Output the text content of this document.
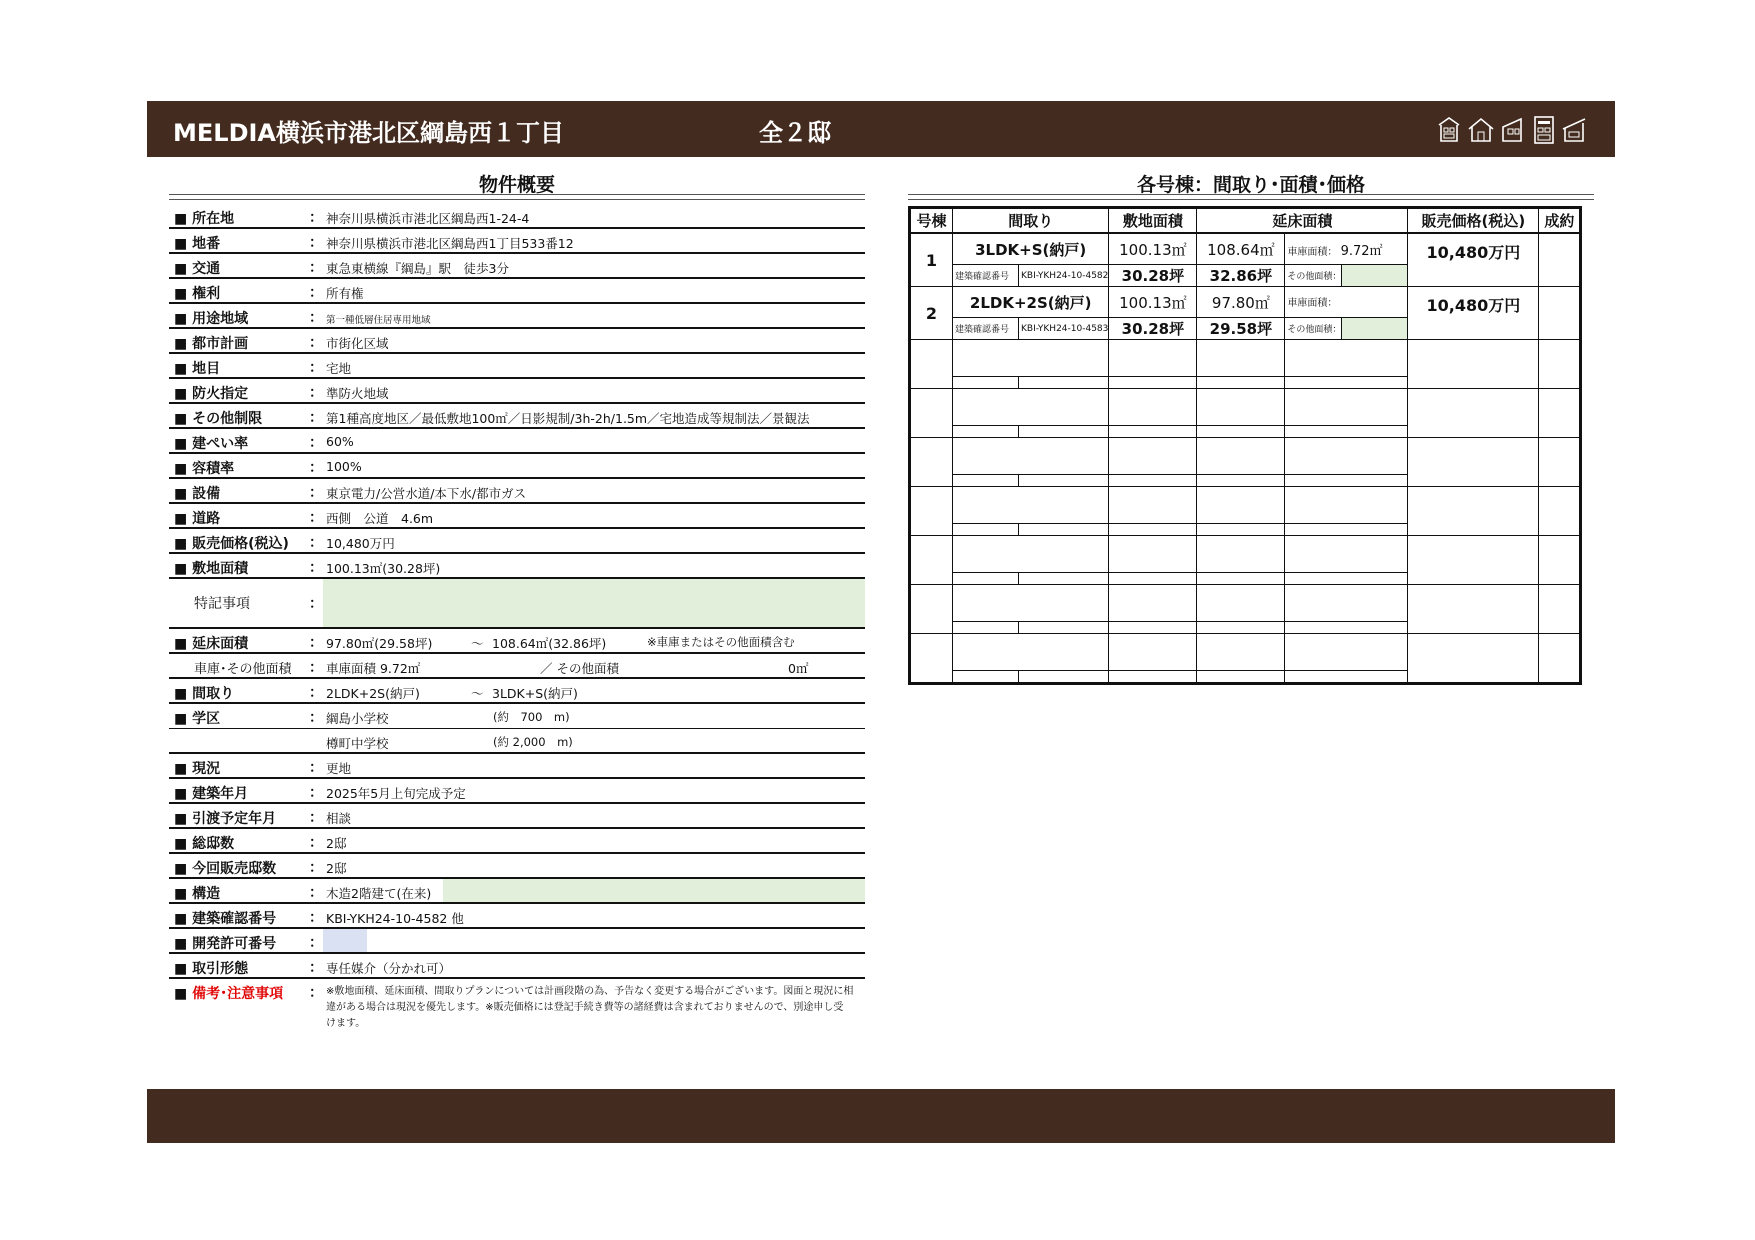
MELDIA横浜市港北区綱島西１丁目	全２邸
物件概要	各号棟：間取り･面積･価格
■ 所在地	： 神奈川県横浜市港北区綱島西1-24-4
■ 地番	： 神奈川県横浜市港北区綱島西1丁目533番12
■ 交通	： 東急東横線『綱島』駅　徒歩3分
■ 権利	： 所有権
■ 用途地域	： 第一種低層住居専用地域
■ 都市計画	： 市街化区域
■ 地目	： 宅地
■ 防火指定	： 準防火地域
■ その他制限	： 第1種高度地区／最低敷地100㎡／日影規制/3h-2h/1.5m／宅地造成等規制法／景観法
■ 建ぺい率	： 60%
■ 容積率	： 100%
■ 設備	： 東京電力/公営水道/本下水/都市ガス
■ 道路	： 西側　公道　4.6m
■ 販売価格(税込) ： 10,480万円
■ 敷地面積	： 100.13㎡(30.28坪)
特記事項	：
■ 延床面積	： 97.80㎡(29.58坪)	～ 108.64㎡(32.86坪)	※車庫またはその他面積含む
車庫･その他面積 ： 車庫面積 9.72㎡	／ その他面積	0㎡
■ 間取り	： 2LDK+2S(納戸)	～ 3LDK+S(納戸)
■ 学区	： 綱島小学校	(約　700　m)
樽町中学校	(約 2,000　m)
■ 現況	： 更地
■ 建築年月	： 2025年5月上旬完成予定
■ 引渡予定年月 ： 相談
■ 総邸数	： 2邸
■ 今回販売邸数 ： 2邸
■ 構造	： 木造2階建て(在来)
■ 建築確認番号 ： KBI-YKH24-10-4582 他
■ 開発許可番号 ：
■ 取引形態	： 専任媒介（分かれ可）
■ 備考･注意事項 ： ※敷地面積、延床面積、間取りプランについては計画段階の為、予告なく変更する場合がございます。図面と現況に相
違がある場合は現況を優先します。※販売価格には登記手続き費等の諸経費は含まれておりませんので、別途申し受
けます。
号棟	間取り		敷地面積	延床面積			販売価格(税込)	成約
1	3LDK+S(納戸)		100.13㎡	108.64㎡	車庫面積： 9.72㎡		10,480万円	
	建築確認番号	KBI-YKH24-10-4582	30.28坪	32.86坪	その他面積：			
2	2LDK+2S(納戸)		100.13㎡	97.80㎡	車庫面積：		10,480万円	
	建築確認番号	KBI-YKH24-10-4583	30.28坪	29.58坪	その他面積：			
